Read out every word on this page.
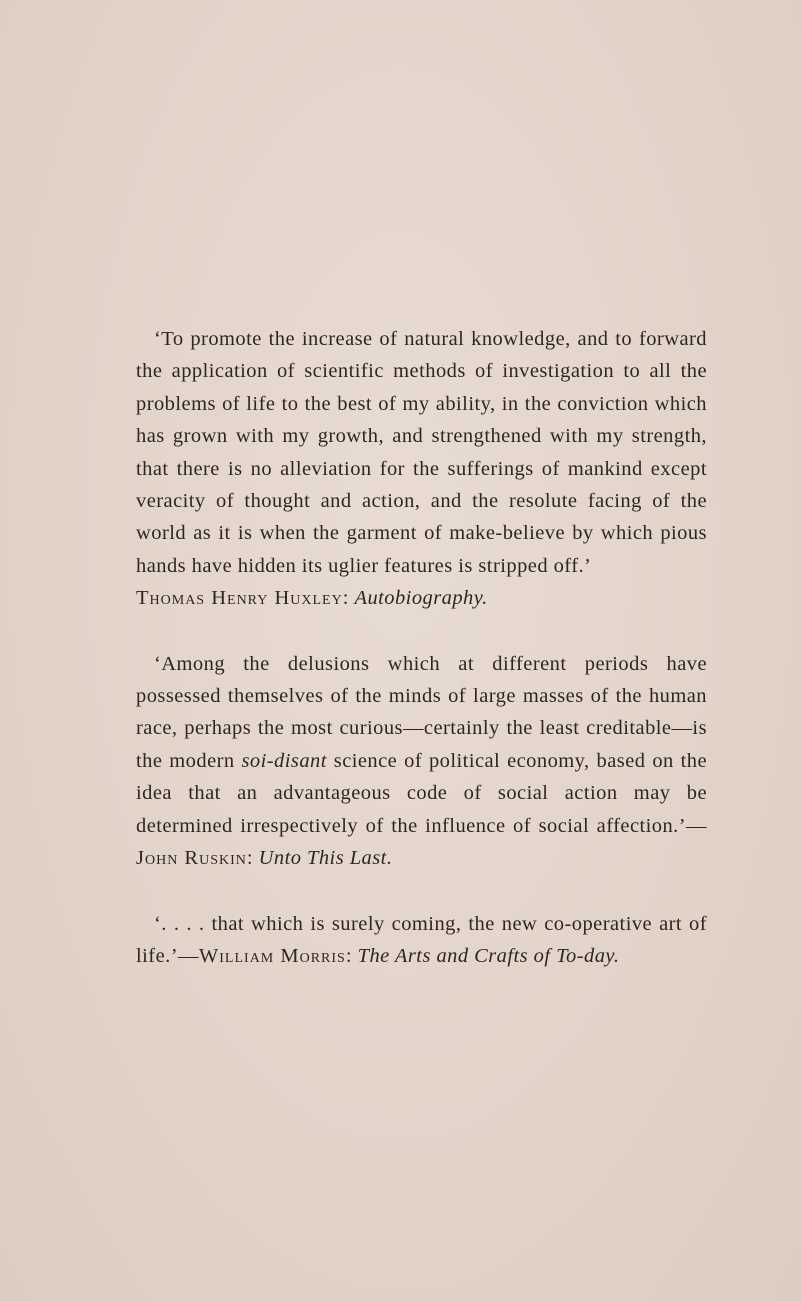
‘To promote the increase of natural knowledge, and to forward the application of scientific methods of investigation to all the problems of life to the best of my ability, in the conviction which has grown with my growth, and strengthened with my strength, that there is no alleviation for the sufferings of mankind except veracity of thought and action, and the resolute facing of the world as it is when the garment of make-believe by which pious hands have hidden its uglier features is stripped off.’

Thomas Henry Huxley: Autobiography.

‘Among the delusions which at different periods have possessed themselves of the minds of large masses of the human race, perhaps the most curious—certainly the least creditable—is the modern soi-disant science of political economy, based on the idea that an advantageous code of social action may be determined irrespectively of the influence of social affection.’—John Ruskin: Unto This Last.

‘. . . . that which is surely coming, the new co-operative art of life.’—William Morris: The Arts and Crafts of To-day.
